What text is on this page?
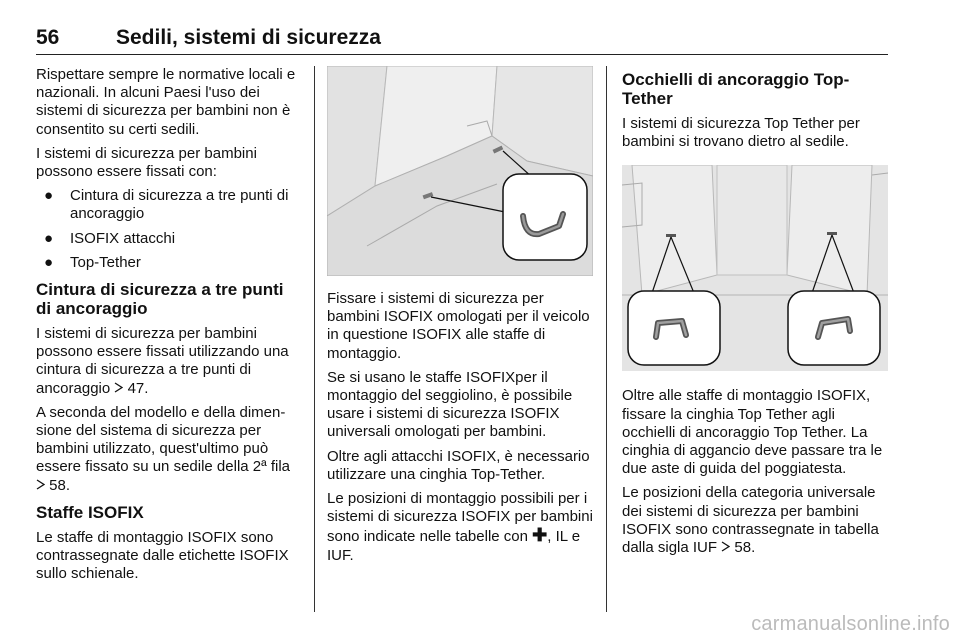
56	Sedili, sistemi di sicurezza

Rispettare sempre le normative locali e nazionali. In alcuni Paesi l'uso dei sistemi di sicurezza per bambini non è consentito su certi sedili.

I sistemi di sicurezza per bambini possono essere fissati con:

● Cintura di sicurezza a tre punti di ancoraggio
● ISOFIX attacchi
● Top-Tether
Cintura di sicurezza a tre punti di ancoraggio

I sistemi di sicurezza per bambini possono essere fissati utilizzando una cintura di sicurezza a tre punti di ancoraggio 47.

A seconda del modello e della dimensione del sistema di sicurezza per bambini utilizzato, quest'ultimo può essere fissato su un sedile della 2ª fila
58.

Staffe ISOFIX

Le staffe di montaggio ISOFIX sono contrassegnate dalle etichette ISOFIX sullo schienale.

Fissare i sistemi di sicurezza per bambini ISOFIX omologati per il veicolo in questione ISOFIX alle staffe di montaggio.

Se si usano le staffe ISOFIXper il montaggio del seggiolino, è possibile usare i sistemi di sicurezza ISOFIX universali omologati per bambini.

Oltre agli attacchi ISOFIX, è necessario utilizzare una cinghia Top-Tether.

Le posizioni di montaggio possibili per i sistemi di sicurezza ISOFIX per bambini sono indicate nelle tabelle con ✚, IL e IUF.

Occhielli di ancoraggio Top-Tether

I sistemi di sicurezza Top Tether per bambini si trovano dietro al sedile.

Oltre alle staffe di montaggio ISOFIX, fissare la cinghia Top Tether agli occhielli di ancoraggio Top Tether. La cinghia di aggancio deve passare tra le due aste di guida del poggiatesta.

Le posizioni della categoria universale dei sistemi di sicurezza per bambini ISOFIX sono contrassegnate in tabella dalla sigla IUF 58.

carmanualsonline.info
